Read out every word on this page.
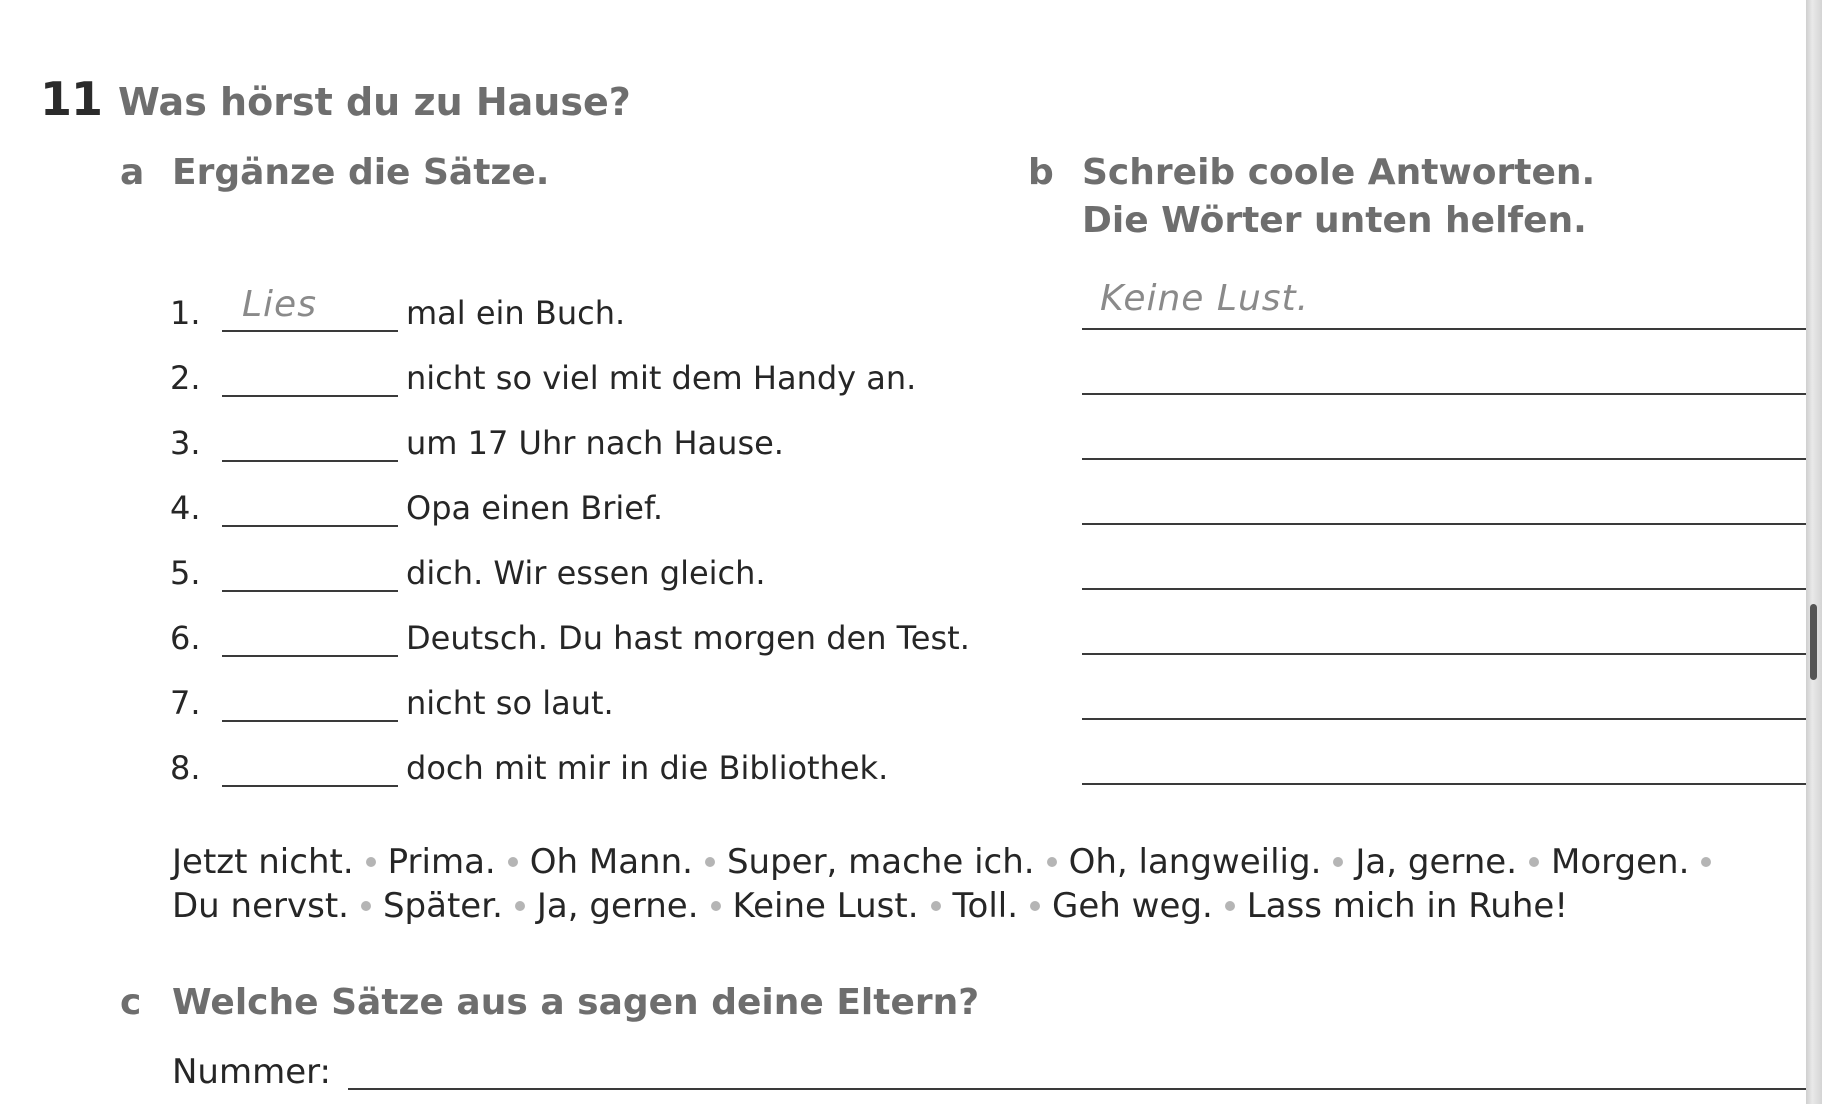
11 Was hörst du zu Hause?
a Ergänze die Sätze.	b Schreib coole Antworten.
Die Wörter unten helfen.
1. Lies	mal ein Buch.
2.	nicht so viel mit dem Handy an.
3.	um 17 Uhr nach Hause.
4.	Opa einen Brief.
5.	dich. Wir essen gleich.
6.	Deutsch. Du hast morgen den Test.
7.	nicht so laut.
8.	doch mit mir in die Bibliothek.
Keine Lust.
Jetzt nicht. Prima. Oh Mann. Super, mache ich. Oh, langweilig. Ja, gerne. Morgen.
Du nervst. Später. Ja, gerne. Keine Lust. Toll. Geh weg. Lass mich in Ruhe!
c Welche Sätze aus a sagen deine Eltern?
Nummer:
